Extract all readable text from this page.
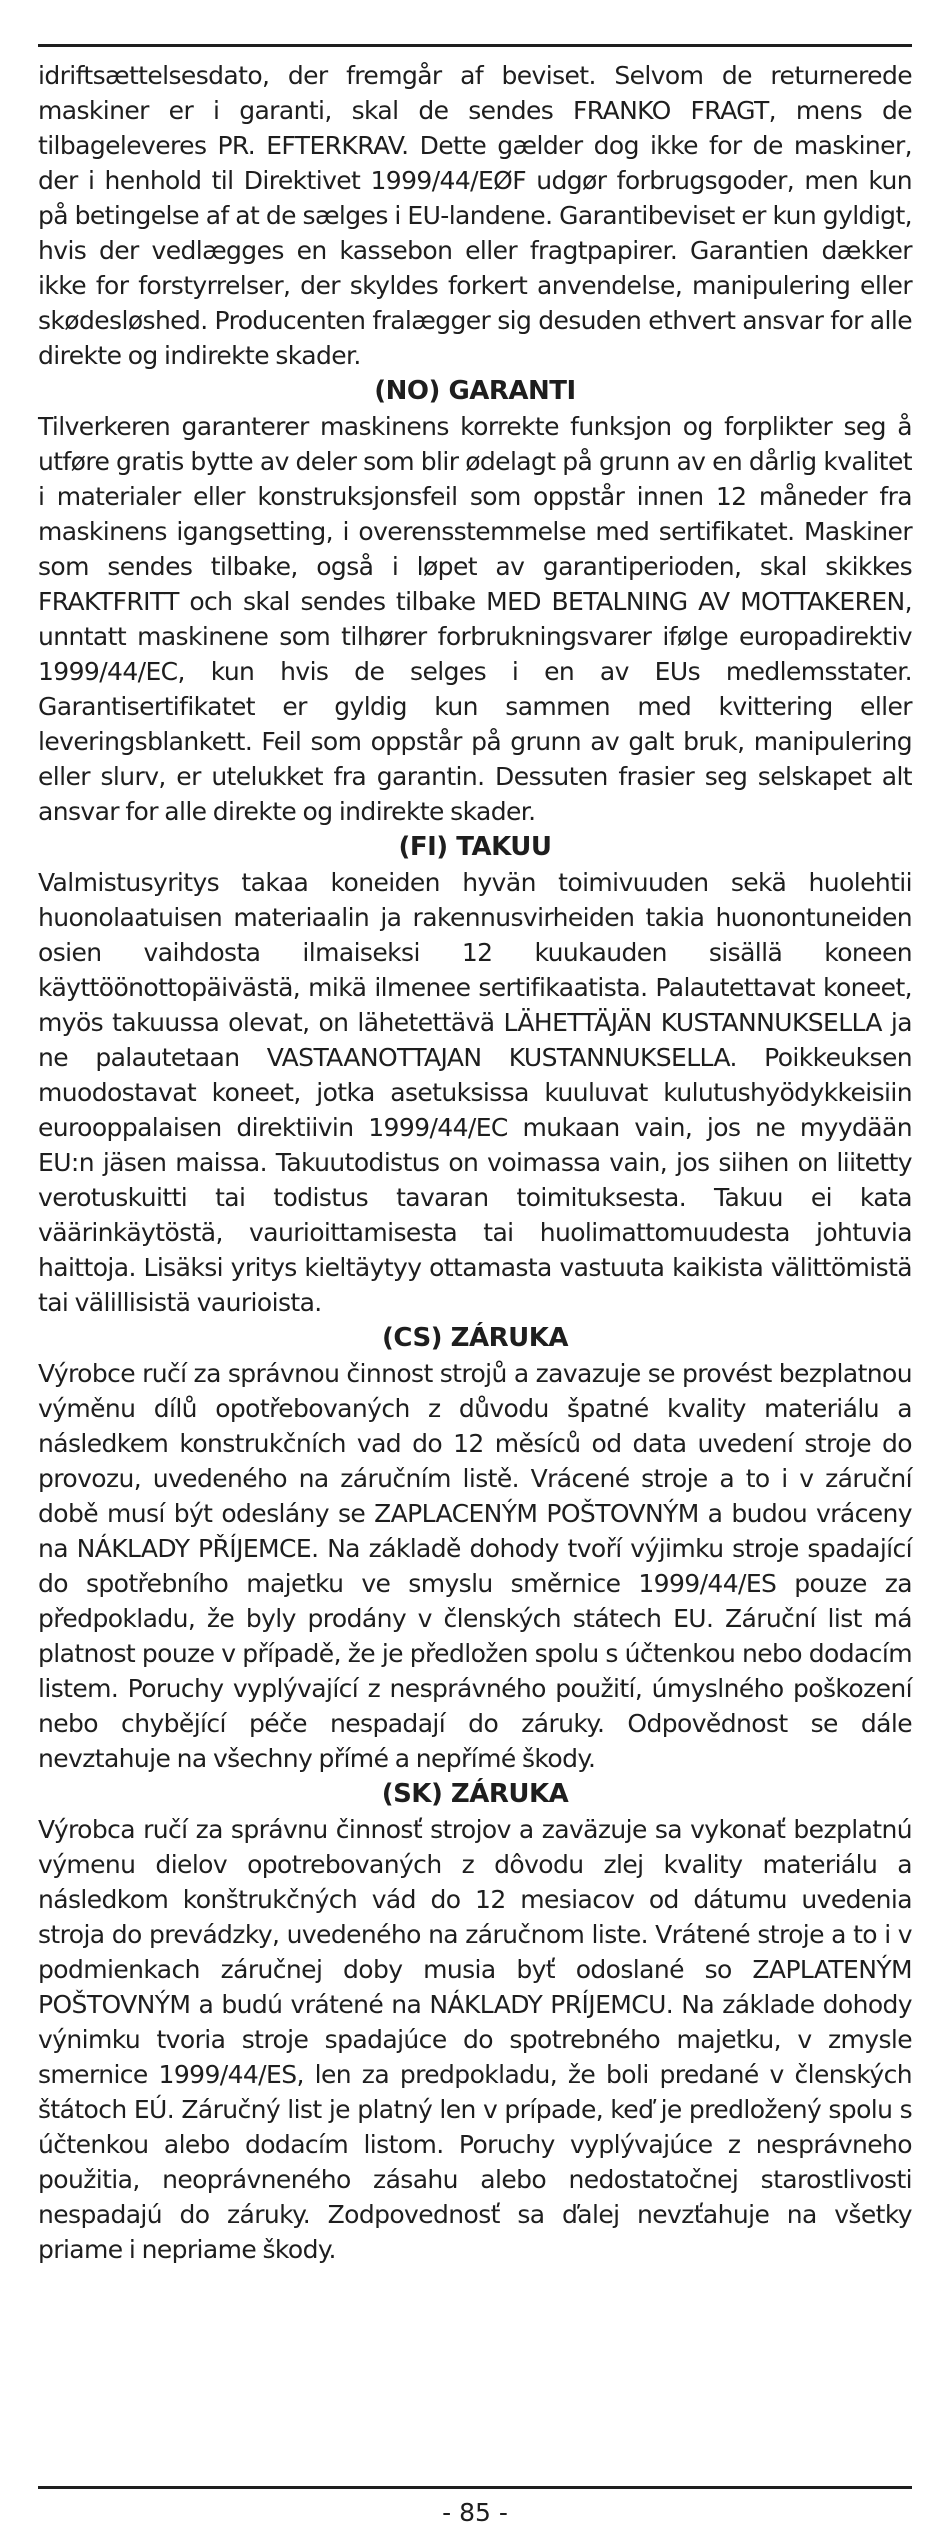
idriftsættelsesdato, der fremgår af beviset. Selvom de returnerede maskiner er i garanti, skal de sendes FRANKO FRAGT, mens de tilbageleveres PR. EFTERKRAV. Dette gælder dog ikke for de maskiner, der i henhold til Direktivet 1999/44/EØF udgør forbrugsgoder, men kun på betingelse af at de sælges i EU-landene. Garantibeviset er kun gyldigt, hvis der vedlægges en kassebon eller fragtpapirer. Garantien dækker ikke for forstyrrelser, der skyldes forkert anvendelse, manipulering eller skødesløshed. Producenten fralægger sig desuden ethvert ansvar for alle direkte og indirekte skader.

(NO) GARANTI

Tilverkeren garanterer maskinens korrekte funksjon og forplikter seg å utføre gratis bytte av deler som blir ødelagt på grunn av en dårlig kvalitet i materialer eller konstruksjonsfeil som oppstår innen 12 måneder fra maskinens igangsetting, i overensstemmelse med sertifikatet. Maskiner som sendes tilbake, også i løpet av garantiperioden, skal skikkes FRAKTFRITT och skal sendes tilbake MED BETALNING AV MOTTAKEREN, unntatt maskinene som tilhører forbrukningsvarer ifølge europadirektiv 1999/44/EC, kun hvis de selges i en av EUs medlemsstater. Garantisertifikatet er gyldig kun sammen med kvittering eller leveringsblankett. Feil som oppstår på grunn av galt bruk, manipulering eller slurv, er utelukket fra garantin. Dessuten frasier seg selskapet alt ansvar for alle direkte og indirekte skader.

(FI) TAKUU

Valmistusyritys takaa koneiden hyvän toimivuuden sekä huolehtii huonolaatuisen materiaalin ja rakennusvirheiden takia huonontuneiden osien vaihdosta ilmaiseksi 12 kuukauden sisällä koneen käyttöönottopäivästä, mikä ilmenee sertifikaatista. Palautettavat koneet, myös takuussa olevat, on lähetettävä LÄHETTÄJÄN KUSTANNUKSELLA ja ne palautetaan VASTAANOTTAJAN KUSTANNUKSELLA. Poikkeuksen muodostavat koneet, jotka asetuksissa kuuluvat kulutushyödykkeisiin eurooppalaisen direktiivin 1999/44/EC mukaan vain, jos ne myydään EU:n jäsen maissa. Takuutodistus on voimassa vain, jos siihen on liitetty verotuskuitti tai todistus tavaran toimituksesta. Takuu ei kata väärinkäytöstä, vaurioittamisesta tai huolimattomuudesta johtuvia haittoja. Lisäksi yritys kieltäytyy ottamasta vastuuta kaikista välittömistä tai välillisistä vaurioista.

(CS) ZÁRUKA

Výrobce ručí za správnou činnost strojů a zavazuje se provést bezplatnou výměnu dílů opotřebovaných z důvodu špatné kvality materiálu a následkem konstrukčních vad do 12 měsíců od data uvedení stroje do provozu, uvedeného na záručním listě. Vrácené stroje a to i v záruční době musí být odeslány se ZAPLACENÝM POŠTOVNÝM a budou vráceny na NÁKLADY PŘÍJEMCE. Na základě dohody tvoří výjimku stroje spadající do spotřebního majetku ve smyslu směrnice 1999/44/ES pouze za předpokladu, že byly prodány v členských státech EU. Záruční list má platnost pouze v případě, že je předložen spolu s účtenkou nebo dodacím listem. Poruchy vyplývající z nesprávného použití, úmyslného poškození nebo chybějící péče nespadají do záruky. Odpovědnost se dále nevztahuje na všechny přímé a nepřímé škody.

(SK) ZÁRUKA

Výrobca ručí za správnu činnosť strojov a zaväzuje sa vykonať bezplatnú výmenu dielov opotrebovaných z dôvodu zlej kvality materiálu a následkom konštrukčných vád do 12 mesiacov od dátumu uvedenia stroja do prevádzky, uvedeného na záručnom liste. Vrátené stroje a to i v podmienkach záručnej doby musia byť odoslané so ZAPLATENÝM POŠTOVNÝM a budú vrátené na NÁKLADY PRÍJEMCU. Na základe dohody výnimku tvoria stroje spadajúce do spotrebného majetku, v zmysle smernice 1999/44/ES, len za predpokladu, že boli predané v členských štátoch EÚ. Záručný list je platný len v prípade, keď je predložený spolu s účtenkou alebo dodacím listom. Poruchy vyplývajúce z nesprávneho použitia, neoprávneného zásahu alebo nedostatočnej starostlivosti nespadajú do záruky. Zodpovednosť sa ďalej nevzťahuje na všetky priame i nepriame škody.

- 85 -
